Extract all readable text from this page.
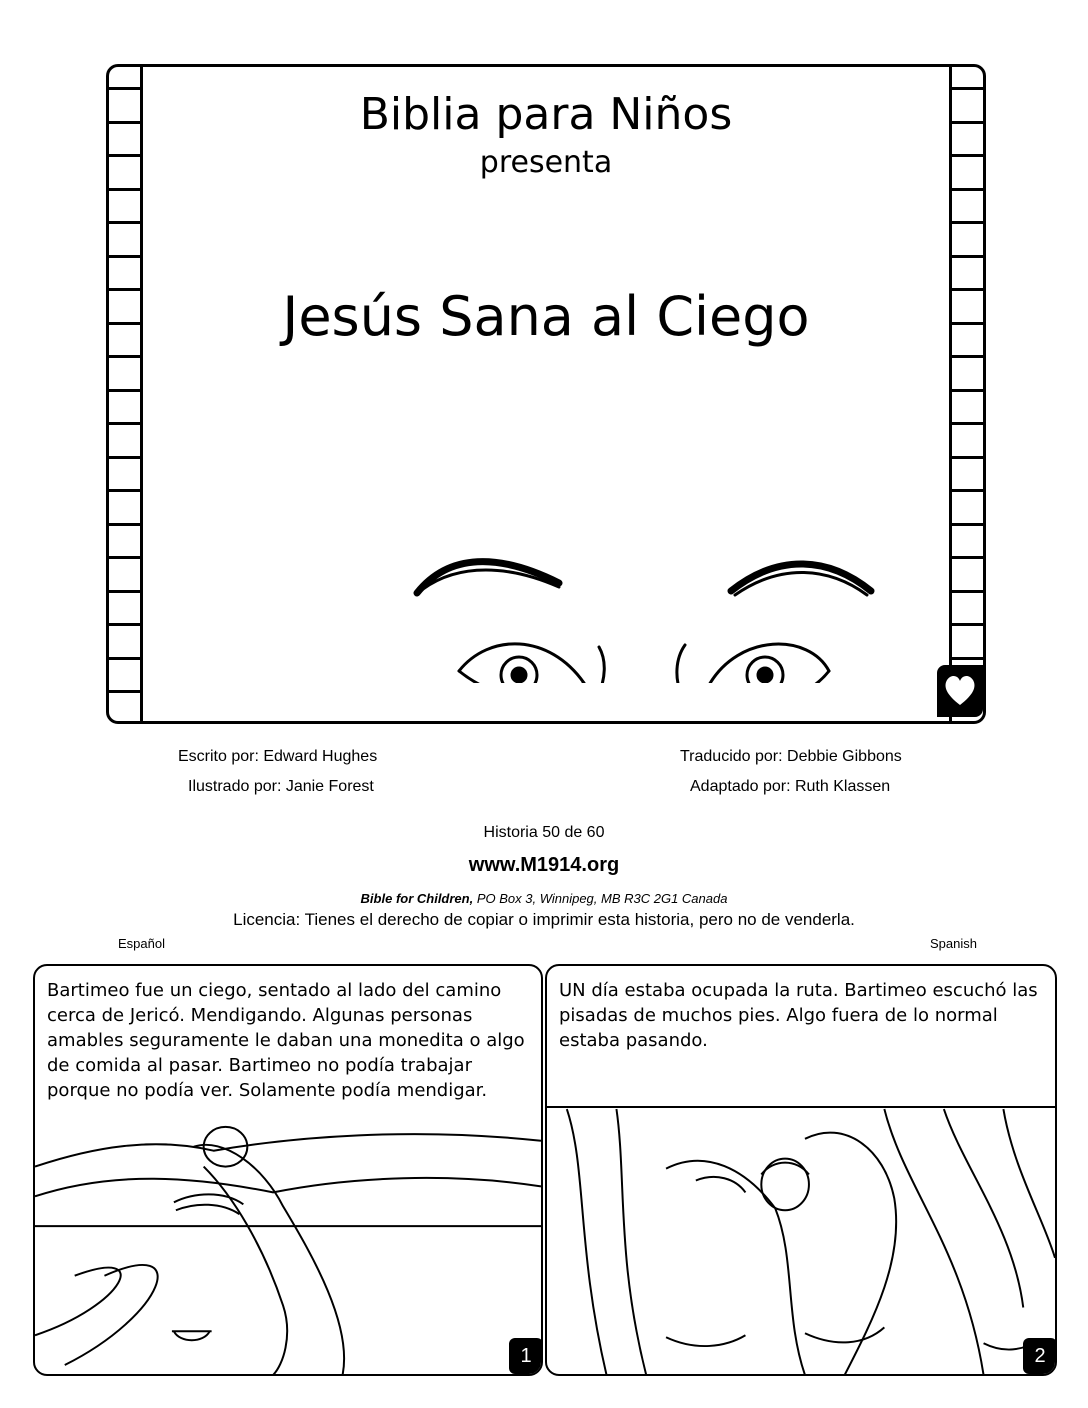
Biblia para Niños
presenta
Jesús Sana al Ciego
Escrito por: Edward Hughes
Ilustrado por: Janie Forest
Traducido por: Debbie Gibbons
Adaptado por: Ruth Klassen
Historia 50 de 60
www.M1914.org
Bible for Children, PO Box 3, Winnipeg, MB R3C 2G1 Canada
Licencia: Tienes el derecho de copiar o imprimir esta historia, pero no de venderla.
Español	Spanish
Bartimeo fue un ciego, sentado al lado del camino cerca de Jericó. Mendigando. Algunas personas amables seguramente le daban una monedita o algo de comida al pasar. Bartimeo no podía trabajar porque no podía ver. Solamente podía mendigar.
1
UN día estaba ocupada la ruta. Bartimeo escuchó las pisadas de muchos pies. Algo fuera de lo normal estaba pasando.
2
